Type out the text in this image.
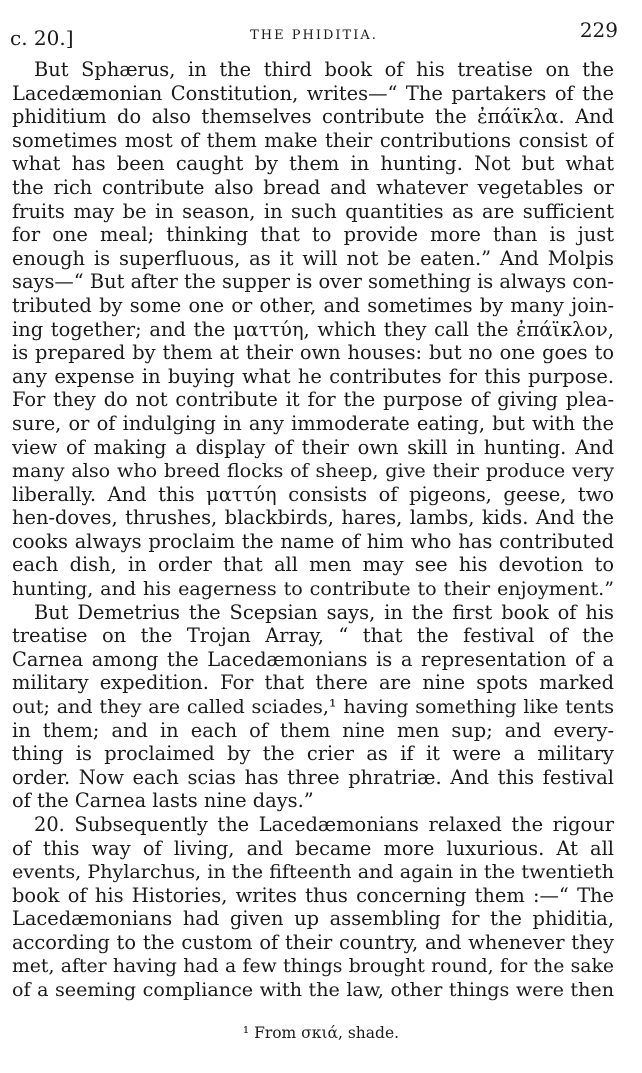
c. 20.]	THE PHIDITIA.	229
But Sphærus, in the third book of his treatise on the
Lacedæmonian Constitution, writes—“ The partakers of the
phiditium do also themselves contribute the ἐπάϊκλα. And
sometimes most of them make their contributions consist of
what has been caught by them in hunting. Not but what
the rich contribute also bread and whatever vegetables or
fruits may be in season, in such quantities as are sufficient
for one meal; thinking that to provide more than is just
enough is superfluous, as it will not be eaten.” And Molpis
says—“ But after the supper is over something is always con-
tributed by some one or other, and sometimes by many join-
ing together; and the ματτύη, which they call the ἐπάϊκλον,
is prepared by them at their own houses: but no one goes to
any expense in buying what he contributes for this purpose.
For they do not contribute it for the purpose of giving plea-
sure, or of indulging in any immoderate eating, but with the
view of making a display of their own skill in hunting. And
many also who breed flocks of sheep, give their produce very
liberally. And this ματτύη consists of pigeons, geese, two
hen-doves, thrushes, blackbirds, hares, lambs, kids. And the
cooks always proclaim the name of him who has contributed
each dish, in order that all men may see his devotion to
hunting, and his eagerness to contribute to their enjoyment.”
But Demetrius the Scepsian says, in the first book of his
treatise on the Trojan Array, “ that the festival of the
Carnea among the Lacedæmonians is a representation of a
military expedition. For that there are nine spots marked
out; and they are called sciades,¹ having something like tents
in them; and in each of them nine men sup; and every-
thing is proclaimed by the crier as if it were a military
order. Now each scias has three phratriæ. And this festival
of the Carnea lasts nine days.”
20. Subsequently the Lacedæmonians relaxed the rigour
of this way of living, and became more luxurious. At all
events, Phylarchus, in the fifteenth and again in the twentieth
book of his Histories, writes thus concerning them :—“ The
Lacedæmonians had given up assembling for the phiditia,
according to the custom of their country, and whenever they
met, after having had a few things brought round, for the sake
of a seeming compliance with the law, other things were then
¹ From σκιά, shade.
